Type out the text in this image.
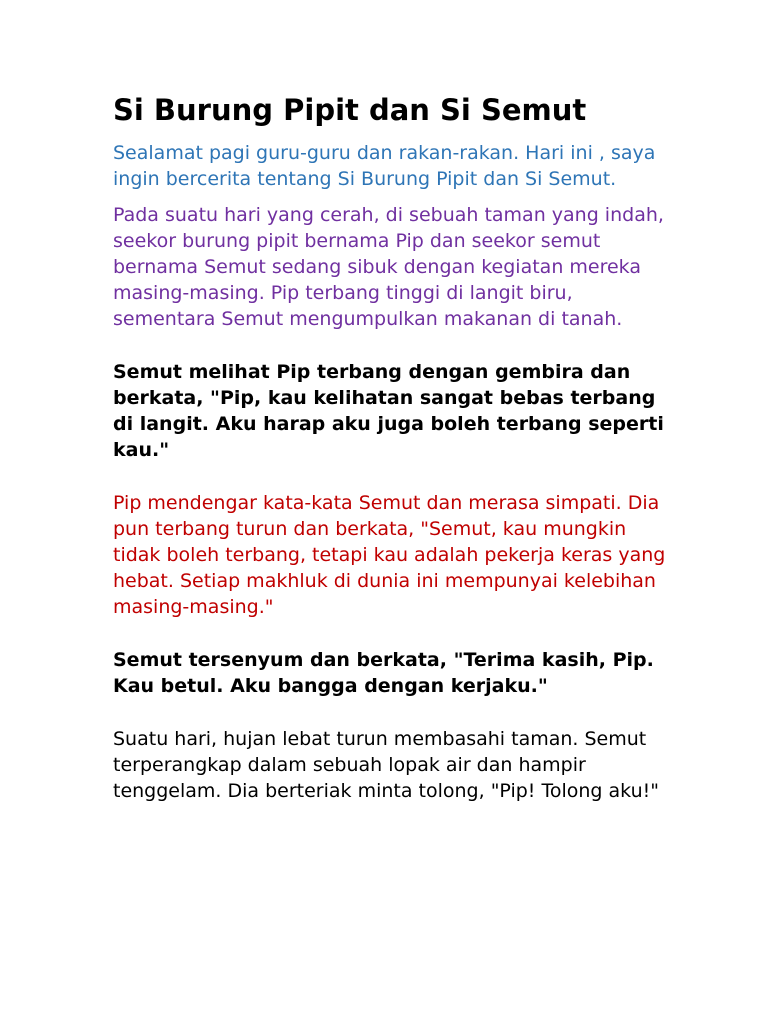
Si Burung Pipit dan Si Semut

Sealamat pagi guru-guru dan rakan-rakan. Hari ini , saya ingin bercerita tentang Si Burung Pipit dan Si Semut.

Pada suatu hari yang cerah, di sebuah taman yang indah, seekor burung pipit bernama Pip dan seekor semut bernama Semut sedang sibuk dengan kegiatan mereka masing-masing. Pip terbang tinggi di langit biru, sementara Semut mengumpulkan makanan di tanah.

Semut melihat Pip terbang dengan gembira dan berkata, "Pip, kau kelihatan sangat bebas terbang di langit. Aku harap aku juga boleh terbang seperti kau."

Pip mendengar kata-kata Semut dan merasa simpati. Dia pun terbang turun dan berkata, "Semut, kau mungkin tidak boleh terbang, tetapi kau adalah pekerja keras yang hebat. Setiap makhluk di dunia ini mempunyai kelebihan masing-masing."

Semut tersenyum dan berkata, "Terima kasih, Pip. Kau betul. Aku bangga dengan kerjaku."

Suatu hari, hujan lebat turun membasahi taman. Semut terperangkap dalam sebuah lopak air dan hampir tenggelam. Dia berteriak minta tolong, "Pip! Tolong aku!"
